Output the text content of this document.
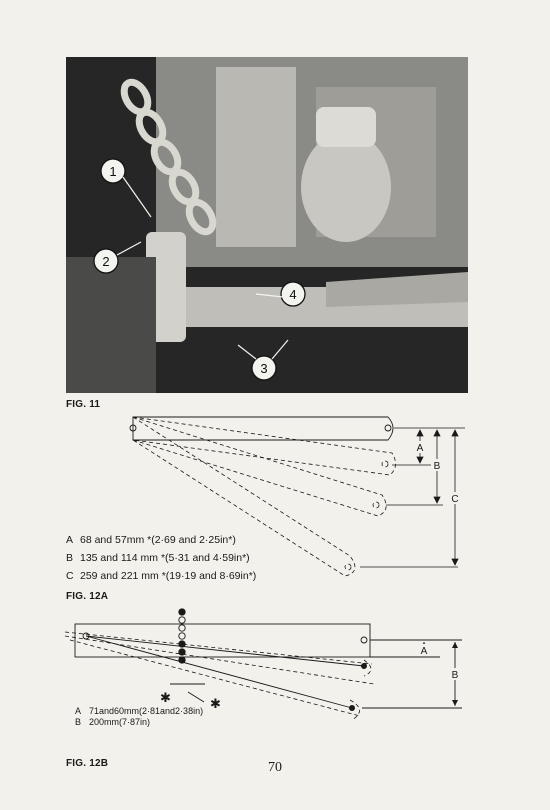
1
2
4
3
FIG. 11
A
B
C
✱	✱
A
B
A 68 and 57mm *(2·69 and 2·25in*)
B 135 and 114 mm *(5·31 and 4·59in*)
C 259 and 221 mm *(19·19 and 8·69in*)
FIG. 12A
A 71and60mm(2·81and2·38in)
B 200mm(7·87in)
FIG. 12B	70
